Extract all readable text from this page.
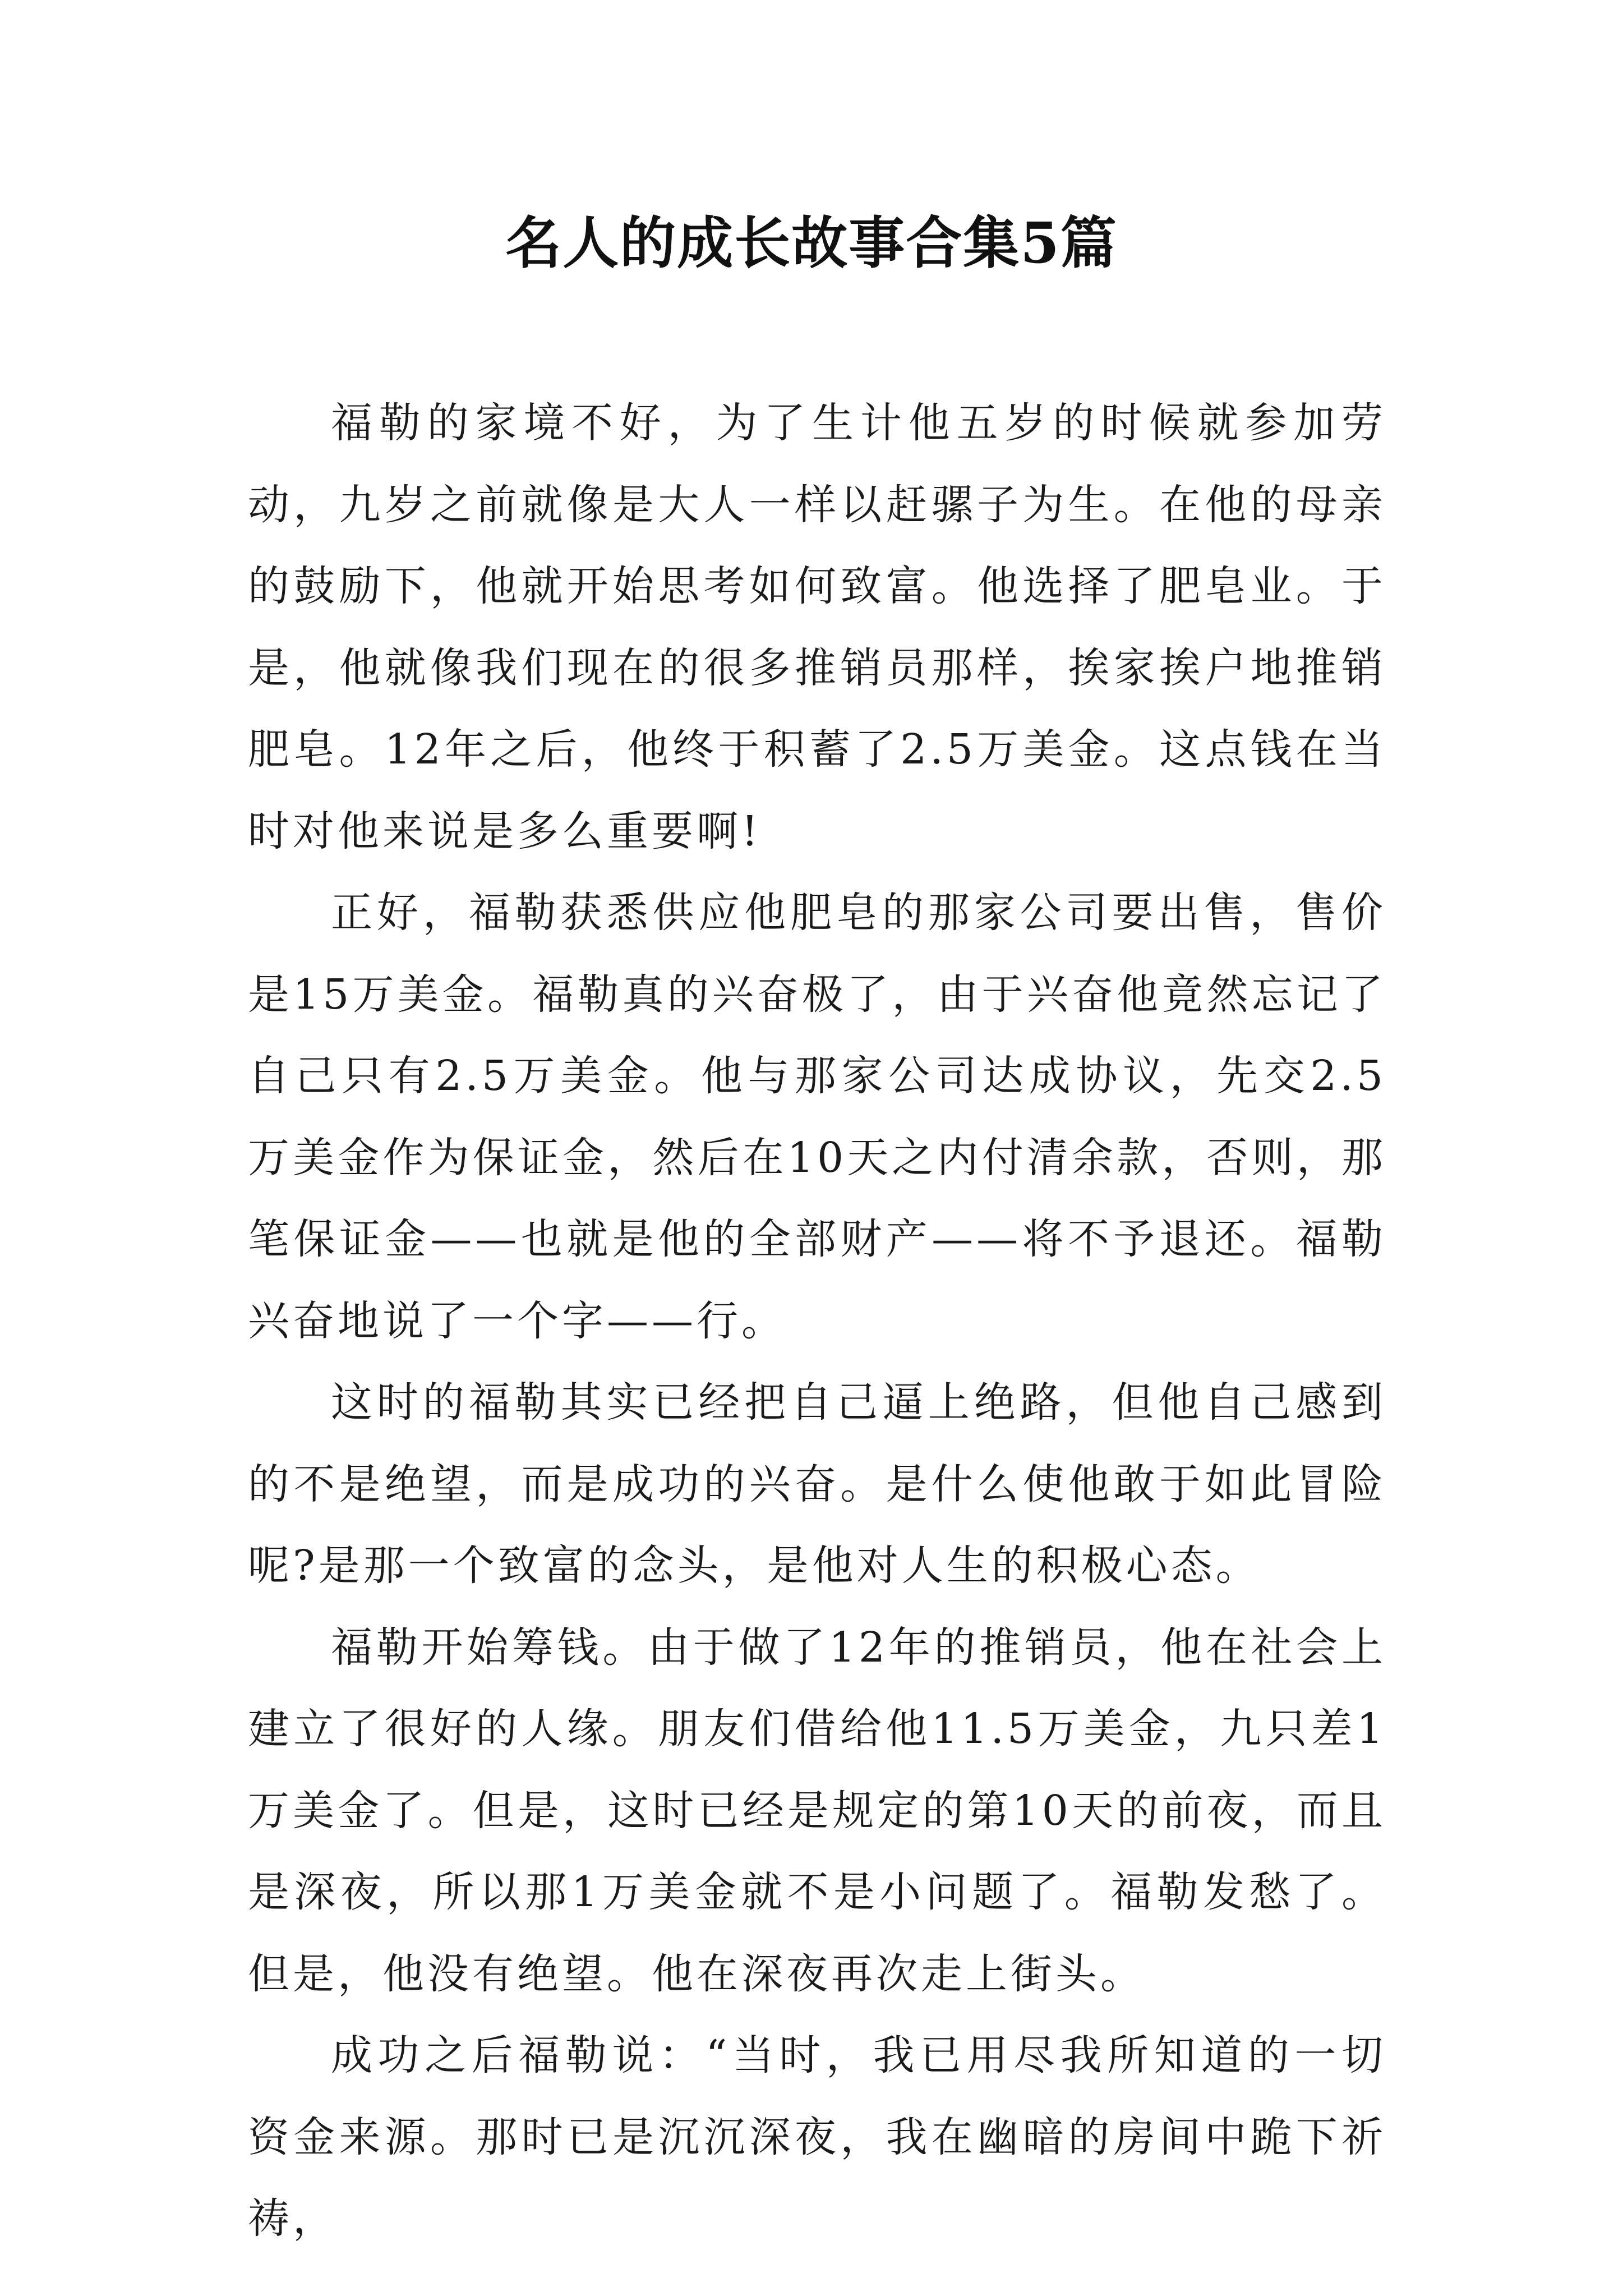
名人的成长故事合集5篇

福勒的家境不好，为了生计他五岁的时候就参加劳动，九岁之前就像是大人一样以赶骡子为生。在他的母亲的鼓励下，他就开始思考如何致富。他选择了肥皂业。于是，他就像我们现在的很多推销员那样，挨家挨户地推销肥皂。12年之后，他终于积蓄了2.5万美金。这点钱在当时对他来说是多么重要啊!

正好，福勒获悉供应他肥皂的那家公司要出售，售价是15万美金。福勒真的兴奋极了，由于兴奋他竟然忘记了自己只有2.5万美金。他与那家公司达成协议，先交2.5万美金作为保证金，然后在10天之内付清余款，否则，那笔保证金——也就是他的全部财产——将不予退还。福勒兴奋地说了一个字——行。

这时的福勒其实已经把自己逼上绝路，但他自己感到的不是绝望，而是成功的兴奋。是什么使他敢于如此冒险呢?是那一个致富的念头，是他对人生的积极心态。

福勒开始筹钱。由于做了12年的推销员，他在社会上建立了很好的人缘。朋友们借给他11.5万美金，九只差1万美金了。但是，这时已经是规定的第10天的前夜，而且是深夜，所以那1万美金就不是小问题了。福勒发愁了。但是，他没有绝望。他在深夜再次走上街头。

成功之后福勒说：“当时，我已用尽我所知道的一切资金来源。那时已是沉沉深夜，我在幽暗的房间中跪下祈祷，
